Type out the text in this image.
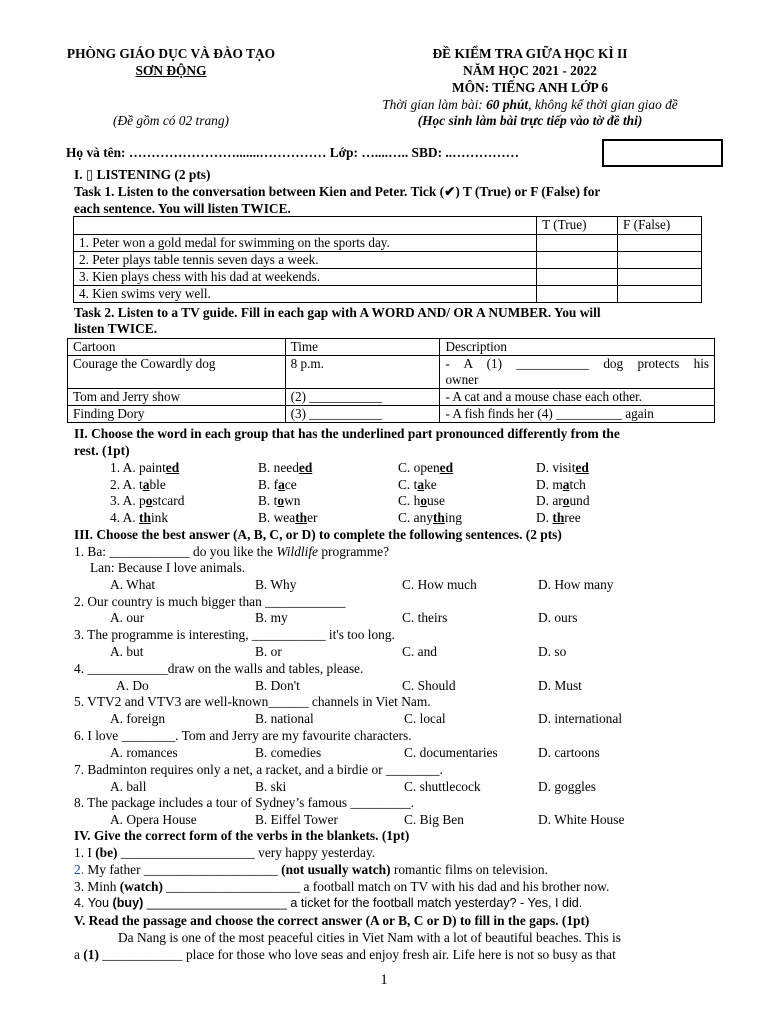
PHÒNG GIÁO DỤC VÀ ĐÀO TẠO
SƠN ĐỘNG
(Đề gồm có 02 trang)
ĐỀ KIỂM TRA GIỮA HỌC KÌ II
NĂM HỌC 2021 - 2022
MÔN: TIẾNG ANH LỚP 6
Thời gian làm bài: 60 phút, không kể thời gian giao đề
(Học sinh làm bài trực tiếp vào tờ đề thi)
Họ và tên: …………………….......…………… Lớp: …....….. SBD: ..……………
I. ▯ LISTENING (2 pts)
Task 1. Listen to the conversation between Kien and Peter. Tick (✔) T (True) or F (False) for
each sentence. You will listen TWICE.
	T (True)	F (False)
1. Peter won a gold medal for swimming on the sports day.		
2. Peter plays table tennis seven days a week.		
3. Kien plays chess with his dad at weekends.		
4. Kien swims very well.		
Task 2. Listen to a TV guide. Fill in each gap with A WORD AND/ OR A NUMBER. You will
listen TWICE.
Cartoon	Time	Description
Courage the Cowardly dog	8 p.m.	- A (1) ___________ dog protects his
owner

Tom and Jerry show	(2) ___________	- A cat and a mouse chase each other.
Finding Dory	(3) ___________	- A fish finds her (4) __________ again
II. Choose the word in each group that has the underlined part pronounced differently from the
rest. (1pt)
1. A. painted	B. needed	C. opened	D. visited
2. A. table	B. face	C. take	D. match
3. A. postcard	B. town	C. house	D. around
4. A. think	B. weather	C. anything	D. three
III. Choose the best answer (A, B, C, or D) to complete the following sentences. (2 pts)
1. Ba: ____________ do you like the Wildlife programme?
Lan: Because I love animals.
A. What	B. Why	C. How much	D. How many
2. Our country is much bigger than ____________
A. our	B. my	C. theirs	D. ours
3. The programme is interesting, ___________ it's too long.
A. but	B. or	C. and	D. so
4. ____________draw on the walls and tables, please.
A. Do	B. Don't	C. Should	D. Must
5. VTV2 and VTV3 are well-known______ channels in Viet Nam.
A. foreign	B. national	C. local	D. international
6. I love ________. Tom and Jerry are my favourite characters.
A. romances	B. comedies	C. documentaries	D. cartoons
7. Badminton requires only a net, a racket, and a birdie or ________.
A. ball	B. ski	C. shuttlecock	D. goggles
8. The package includes a tour of Sydney’s famous _________.
A. Opera House	B. Eiffel Tower	C. Big Ben	D. White House
IV. Give the correct form of the verbs in the blankets. (1pt)
1. I (be) ____________________ very happy yesterday.
2. My father ____________________ (not usually watch) romantic films on television.
3. Minh (watch) ____________________ a football match on TV with his dad and his brother now.
4. You (buy) ____________________ a ticket for the football match yesterday? - Yes, I did.
V. Read the passage and choose the correct answer (A or B, C or D) to fill in the gaps. (1pt)
Da Nang is one of the most peaceful cities in Viet Nam with a lot of beautiful beaches. This is
a (1) ____________ place for those who love seas and enjoy fresh air. Life here is not so busy as that
1
